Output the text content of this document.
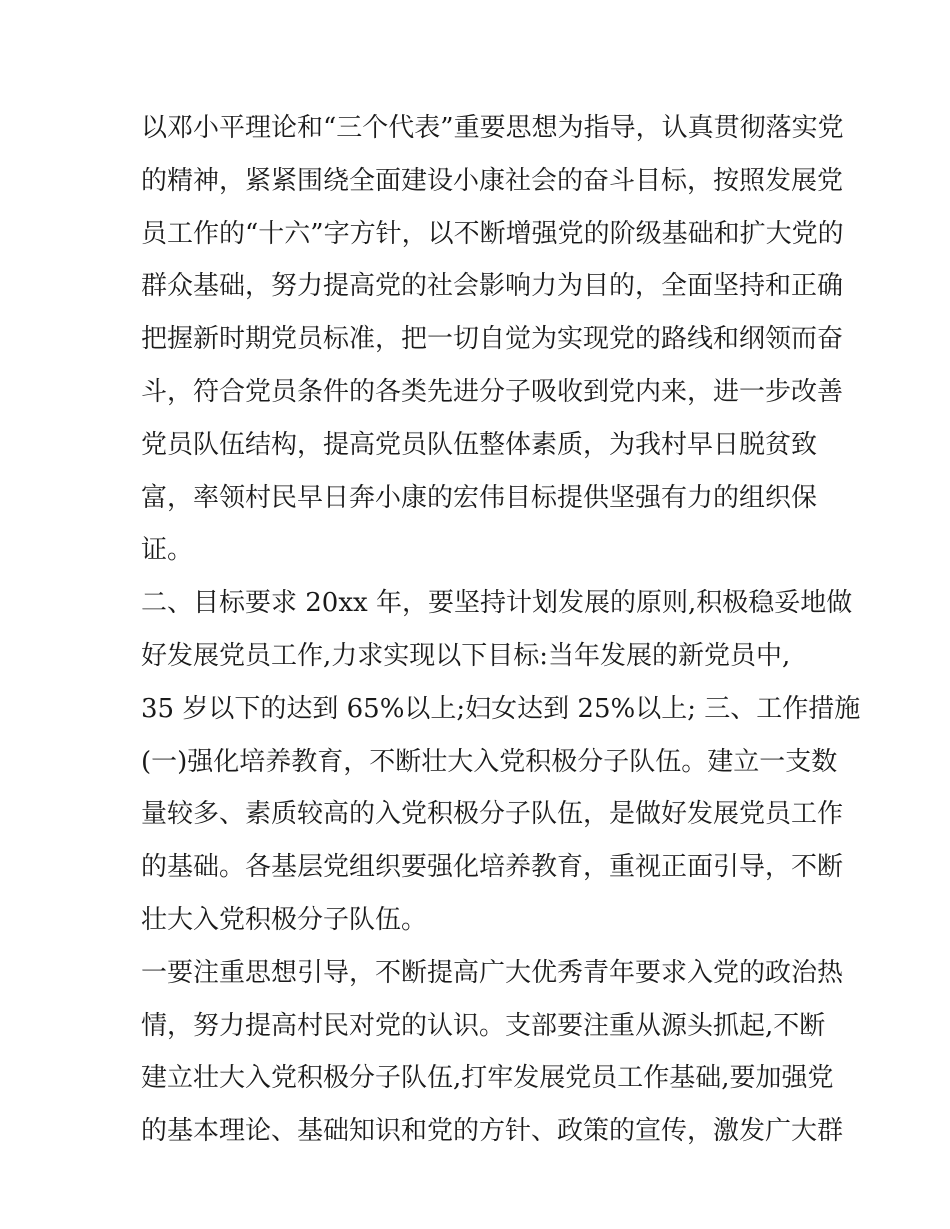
以邓小平理论和“三个代表”重要思想为指导，认真贯彻落实党
的精神，紧紧围绕全面建设小康社会的奋斗目标，按照发展党
员工作的“十六”字方针，以不断增强党的阶级基础和扩大党的
群众基础，努力提高党的社会影响力为目的，全面坚持和正确
把握新时期党员标准，把一切自觉为实现党的路线和纲领而奋
斗，符合党员条件的各类先进分子吸收到党内来，进一步改善
党员队伍结构，提高党员队伍整体素质，为我村早日脱贫致
富，率领村民早日奔小康的宏伟目标提供坚强有力的组织保
证。
二、目标要求 20xx 年，要坚持计划发展的原则,积极稳妥地做
好发展党员工作,力求实现以下目标:当年发展的新党员中,
35 岁以下的达到 65%以上;妇女达到 25%以上; 三、工作措施
(一)强化培养教育，不断壮大入党积极分子队伍。建立一支数
量较多、素质较高的入党积极分子队伍，是做好发展党员工作
的基础。各基层党组织要强化培养教育，重视正面引导，不断
壮大入党积极分子队伍。
一要注重思想引导，不断提高广大优秀青年要求入党的政治热
情，努力提高村民对党的认识。支部要注重从源头抓起,不断
建立壮大入党积极分子队伍,打牢发展党员工作基础,要加强党
的基本理论、基础知识和党的方针、政策的宣传，激发广大群
